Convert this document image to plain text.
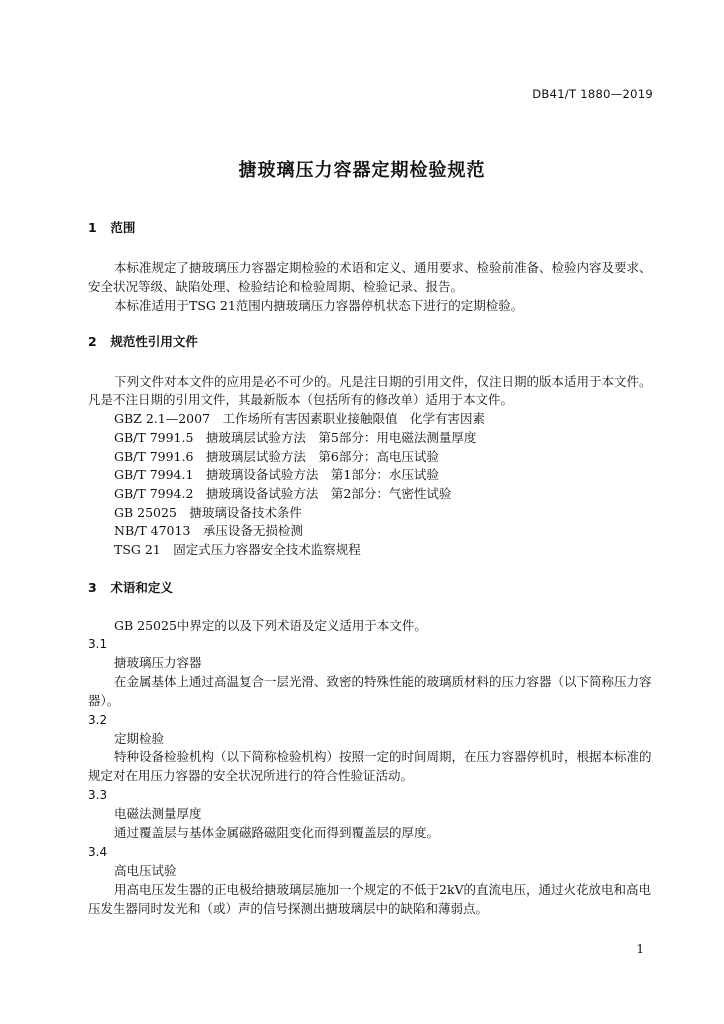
DB41/T 1880—2019
搪玻璃压力容器定期检验规范
1 范围
本标准规定了搪玻璃压力容器定期检验的术语和定义、通用要求、检验前准备、检验内容及要求、
安全状况等级、缺陷处理、检验结论和检验周期、检验记录、报告。
本标准适用于TSG 21范围内搪玻璃压力容器停机状态下进行的定期检验。
2 规范性引用文件
下列文件对本文件的应用是必不可少的。凡是注日期的引用文件，仅注日期的版本适用于本文件。
凡是不注日期的引用文件，其最新版本（包括所有的修改单）适用于本文件。
GBZ 2.1—2007　工作场所有害因素职业接触限值　化学有害因素
GB/T 7991.5　搪玻璃层试验方法　第5部分：用电磁法测量厚度
GB/T 7991.6　搪玻璃层试验方法　第6部分：高电压试验
GB/T 7994.1　搪玻璃设备试验方法　第1部分：水压试验
GB/T 7994.2　搪玻璃设备试验方法　第2部分：气密性试验
GB 25025　搪玻璃设备技术条件
NB/T 47013　承压设备无损检测
TSG 21　固定式压力容器安全技术监察规程
3 术语和定义
GB 25025中界定的以及下列术语及定义适用于本文件。
3.1
搪玻璃压力容器
在金属基体上通过高温复合一层光滑、致密的特殊性能的玻璃质材料的压力容器（以下简称压力容
器）。
3.2
定期检验
特种设备检验机构（以下简称检验机构）按照一定的时间周期，在压力容器停机时，根据本标准的
规定对在用压力容器的安全状况所进行的符合性验证活动。
3.3
电磁法测量厚度
通过覆盖层与基体金属磁路磁阻变化而得到覆盖层的厚度。
3.4
高电压试验
用高电压发生器的正电极给搪玻璃层施加一个规定的不低于2kV的直流电压，通过火花放电和高电
压发生器同时发光和（或）声的信号探测出搪玻璃层中的缺陷和薄弱点。
1
